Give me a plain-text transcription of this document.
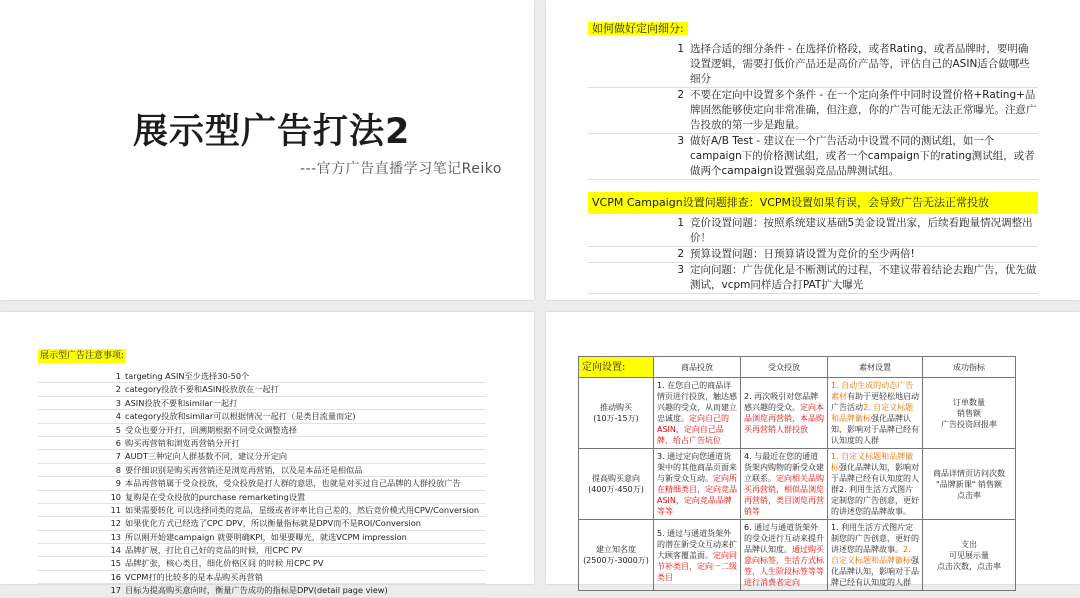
展示型广告打法2
---官方广告直播学习笔记Reiko
如何做好定向细分:
1 选择合适的细分条件 - 在选择价格段，或者Rating，或者品牌时，要明确设置逻辑，需要打低价产品还是高价产品等，评估自己的ASIN适合做哪些细分
2 不要在定向中设置多个条件 - 在一个定向条件中同时设置价格+Rating+品牌固然能够使定向非常准确，但注意，你的广告可能无法正常曝光。注意广告投放的第一步是跑量。
3 做好A/B Test - 建议在一个广告活动中设置不同的测试组，如一个campaign下的价格测试组，或者一个campaign下的rating测试组，或者做两个campaign设置强弱竞品品牌测试组。
VCPM Campaign设置问题排查：VCPM设置如果有误，会导致广告无法正常投放
1 竞价设置问题：按照系统建议基础5美金设置出家，后续看跑量情况调整出价！
2 预算设置问题：日预算请设置为竞价的至少两倍!
3 定向问题：广告优化是不断测试的过程，不建议带着结论去跑广告，优先做测试，vcpm同样适合打PAT扩大曝光
展示型广告注意事项:
1 targeting ASIN至少选择30-50个
2 category投放不要和ASIN投放放在一起打
3 ASIN投放不要和similar一起打
4 category投放和similar可以根据情况一起打（是类目流量而定)
5 受众也要分开打，回溯期根据不同受众调整选择
6 购买再营销和浏览再营销分开打
7 AUDT三种定向人群基数不同，建议分开定向
8 要仔细识别是购买再营销还是浏览再营销，以及是本品还是相似品
9 本品再营销属于受众投放，受众投放是打人群的意思，也就是对买过自己品牌的人群投放广告
10 复购是在受众投放的purchase remarketing设置
11 如果需要转化 可以选择同类的竞品，星级或者评率比自己差的，然后竞价模式用CPV/Conversion
12 如果优化方式已经选了CPC DPV，所以衡量指标就是DPV而不是ROI/Conversion
13 所以刚开始建campaign 就要明确KPI，如果要曝光，就选VCPM impression
14 品牌扩展，打比自己好的竞品的时候，用CPC PV
15 品牌扩张，核心类目，细化价格区间 的时候 用CPC PV
16 VCPM打的比较多的是本品购买再营销
17 目标为提高购买意向时，衡量广告成功的指标是DPV(detail page view)
定向设置:	商品投放	受众投放	素材设置	成功指标
推动购买
(10万-15万)	1. 在您自己的商品详情页进行投放，触达感兴趣的受众，从而建立忠诚度。定向自己的ASIN，定向自己品牌，给占广告坑位	2. 再次吸引对您品牌感兴趣的受众。定向本品浏览再营销，本品购买再营销人群投放	1. 自动生成的动态广告素材有助于更轻松地启动广告活动2. 自定义标题和品牌徽标强化品牌认知，影响对于品牌已经有认知度的人群	订单数量
销售额
广告投资回报率
提高购买意向
(400万-450万)	3. 通过定向您通道货架中的其他商品页面来与新受众互动。定向所在精细类目，定向竞品ASIN，定向竞品品牌等等	4. 与最近在您的通道货架内购物的新受众建立联系。定向相关品购买再营销，相似品浏览再营销，类目浏览再营销等	1. 自定义标题和品牌徽标强化品牌认知，影响对于品牌已经有认知度的人群2. 利用生活方式图片定制您的广告创意，更好的讲述您的品牌故事。	商品详情页访问次数
"品牌新课" 销售额
点击率
建立知名度
(2500万-3000万)	5. 通过与通道货架外的潜在新受众互动来扩大顾客覆盖面。定向同节补类目，定向一二级类目	6. 通过与通道货架外的受众进行互动来提升品牌认知度。通过购买意向标签，生活方式标签，人生阶段标签等等进行消费者定向	1. 利用生活方式图片定制您的广告创意，更好的讲述您的品牌故事。2. 自定义标题和品牌徽标强化品牌认知，影响对于品牌已经有认知度的人群	支出
可见展示量
点击次数，点击率
